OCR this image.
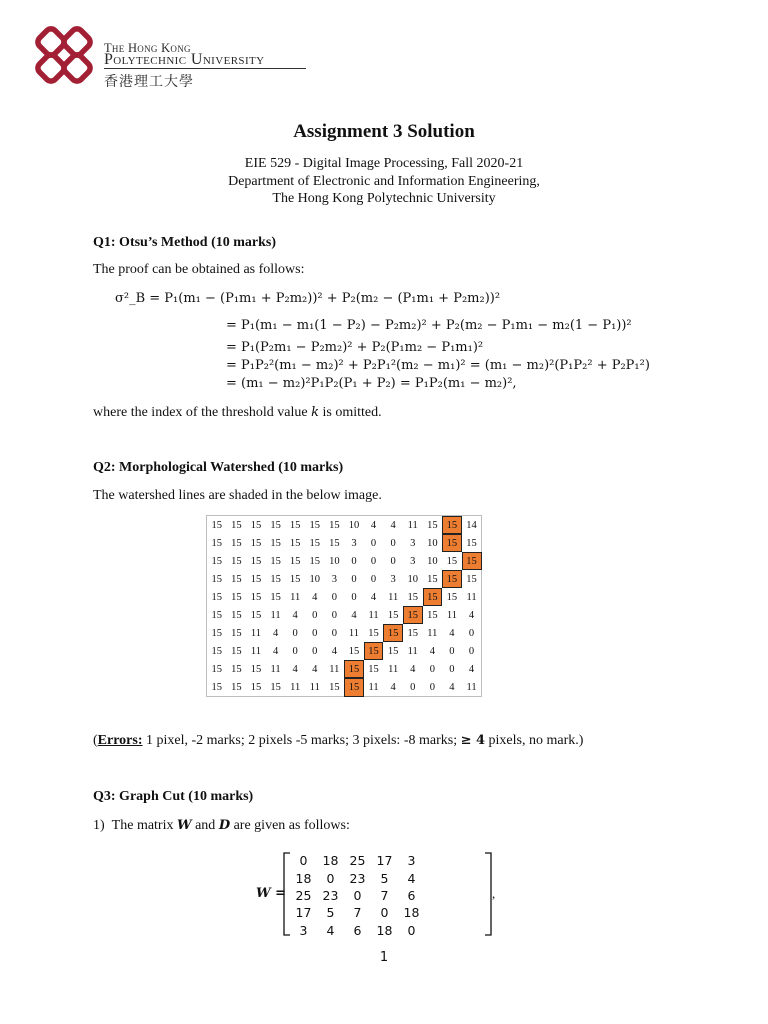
The Hong Kong
Polytechnic University
香港理工大學
Assignment 3 Solution
EIE 529 - Digital Image Processing, Fall 2020-21
Department of Electronic and Information Engineering,
The Hong Kong Polytechnic University
Q1: Otsu’s Method (10 marks)
The proof can be obtained as follows:
σ²_B = P₁(m₁ − (P₁m₁ + P₂m₂))² + P₂(m₂ − (P₁m₁ + P₂m₂))²
= P₁(m₁ − m₁(1 − P₂) − P₂m₂)² + P₂(m₂ − P₁m₁ − m₂(1 − P₁))²
= P₁(P₂m₁ − P₂m₂)² + P₂(P₁m₂ − P₁m₁)²
= P₁P₂²(m₁ − m₂)² + P₂P₁²(m₂ − m₁)² = (m₁ − m₂)²(P₁P₂² + P₂P₁²)
= (m₁ − m₂)²P₁P₂(P₁ + P₂) = P₁P₂(m₁ − m₂)²,
where the index of the threshold value k is omitted.
Q2: Morphological Watershed (10 marks)
The watershed lines are shaded in the below image.
15	15	15	15	15	15	15	10	4	4	11	15	15	14
15	15	15	15	15	15	15	3	0	0	3	10	15	15
15	15	15	15	15	15	10	0	0	0	3	10	15	15
15	15	15	15	15	10	3	0	0	3	10	15	15	15
15	15	15	15	11	4	0	0	4	11	15	15	15	11
15	15	15	11	4	0	0	4	11	15	15	15	11	4
15	15	11	4	0	0	0	11	15	15	15	11	4	0
15	15	11	4	0	0	4	15	15	15	11	4	0	0
15	15	15	11	4	4	11	15	15	11	4	0	0	4
15	15	15	15	11	11	15	15	11	4	0	0	4	11
(Errors: 1 pixel, -2 marks; 2 pixels -5 marks; 3 pixels: -8 marks; ≥ 4 pixels, no mark.)
Q3: Graph Cut (10 marks)
1) The matrix W and D are given as follows:
W =
0	18 25 17	3
18	0	23	5	4
25 23	0	7	6
17	5	7	0	18
3	4	6	18	0
,
1
